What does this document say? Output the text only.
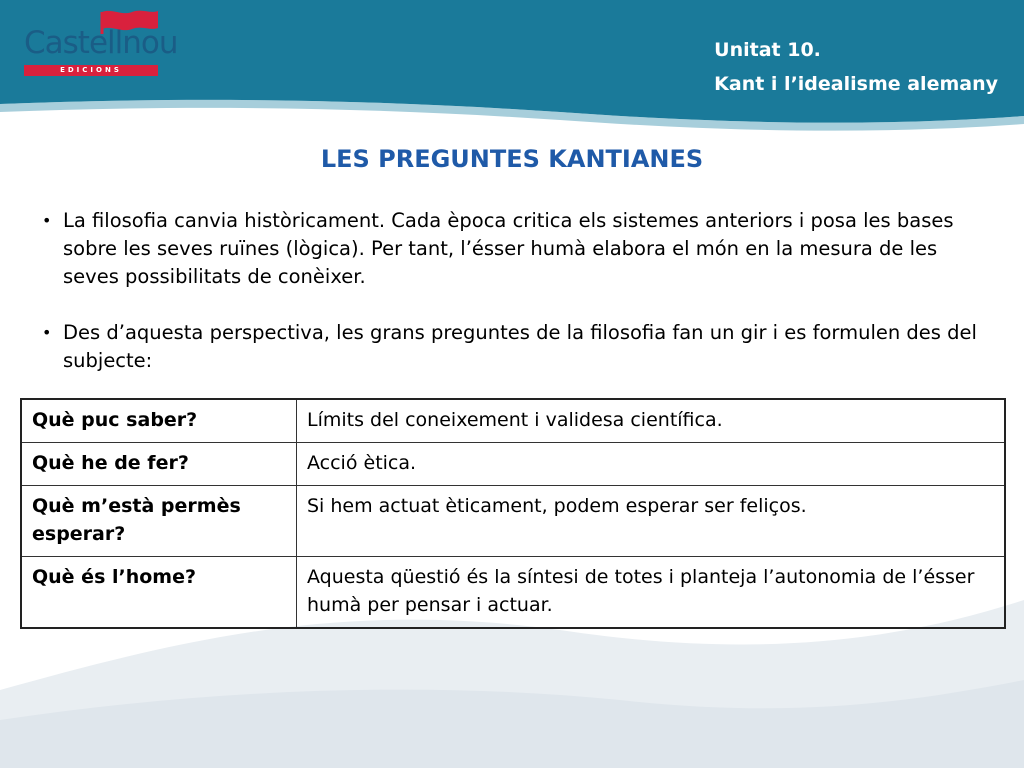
Castellnou
EDICIONS
Unitat 10.
Kant i l’idealisme alemany
LES PREGUNTES KANTIANES
• La filosofia canvia històricament. Cada època critica els sistemes anteriors i posa les bases sobre les seves ruïnes (lògica). Per tant, l’ésser humà elabora el món en la mesura de les seves possibilitats de conèixer.
• Des d’aquesta perspectiva, les grans preguntes de la filosofia fan un gir i es formulen des del subjecte:
Què puc saber?	Límits del coneixement i validesa científica.
Què he de fer?	Acció ètica.
Què m’està permès esperar?	Si hem actuat èticament, podem esperar ser feliços.
Què és l’home?	Aquesta qüestió és la síntesi de totes i planteja l’autonomia de l’ésser humà per pensar i actuar.
